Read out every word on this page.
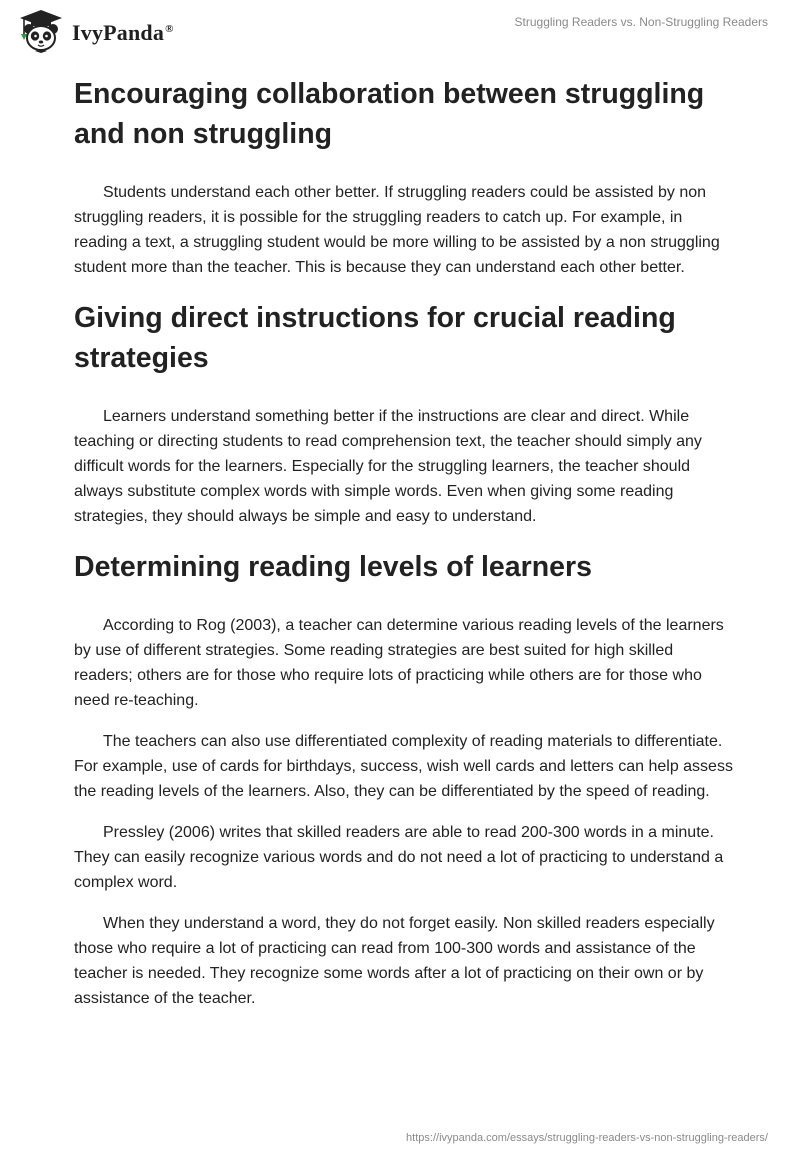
IvyPanda®	Struggling Readers vs. Non-Struggling Readers
Encouraging collaboration between struggling and non struggling

Students understand each other better. If struggling readers could be assisted by non struggling readers, it is possible for the struggling readers to catch up. For example, in reading a text, a struggling student would be more willing to be assisted by a non struggling student more than the teacher. This is because they can understand each other better.

Giving direct instructions for crucial reading strategies

Learners understand something better if the instructions are clear and direct. While teaching or directing students to read comprehension text, the teacher should simply any difficult words for the learners. Especially for the struggling learners, the teacher should always substitute complex words with simple words. Even when giving some reading strategies, they should always be simple and easy to understand.

Determining reading levels of learners

According to Rog (2003), a teacher can determine various reading levels of the learners by use of different strategies. Some reading strategies are best suited for high skilled readers; others are for those who require lots of practicing while others are for those who need re-teaching.

The teachers can also use differentiated complexity of reading materials to differentiate. For example, use of cards for birthdays, success, wish well cards and letters can help assess the reading levels of the learners. Also, they can be differentiated by the speed of reading.

Pressley (2006) writes that skilled readers are able to read 200-300 words in a minute. They can easily recognize various words and do not need a lot of practicing to understand a complex word.

When they understand a word, they do not forget easily. Non skilled readers especially those who require a lot of practicing can read from 100-300 words and assistance of the teacher is needed. They recognize some words after a lot of practicing on their own or by assistance of the teacher.

https://ivypanda.com/essays/struggling-readers-vs-non-struggling-readers/
